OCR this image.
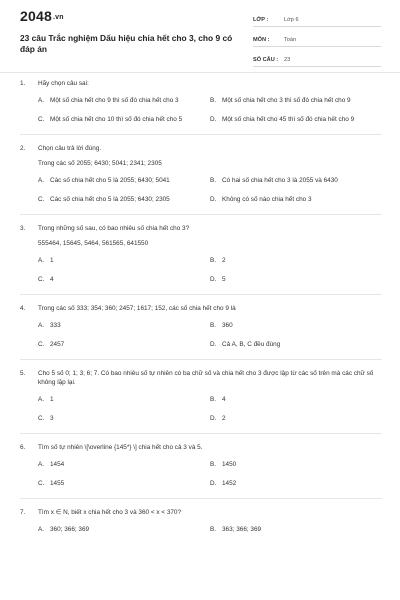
2048.vn
23 câu Trắc nghiệm Dấu hiệu chia hết cho 3, cho 9 có đáp án
LỚP :	Lớp 6
MÔN :	Toán
SỐ CÂU :	23
1.	Hãy chọn câu sai:
A. Một số chia hết cho 9 thì số đó chia hết cho 3	B. Một số chia hết cho 3 thì số đó chia hết cho 9
C. Một số chia hết cho 10 thì số đó chia hết cho 5	D. Một số chia hết cho 45 thì số đó chia hết cho 9
2.	Chọn câu trả lời đúng.
Trong các số 2055; 6430; 5041; 2341; 2305
A. Các số chia hết cho 5 là 2055; 6430; 5041	B. Có hai số chia hết cho 3 là 2055 và 6430
C. Các số chia hết cho 5 là 2055; 6430; 2305	D. Không có số nào chia hết cho 3
3.	Trong những số sau, có bao nhiêu số chia hết cho 3?
555464, 15645, 5464, 561565, 641550
A. 1	B. 2
C. 4	D. 5
4.	Trong các số 333; 354; 360; 2457; 1617; 152, các số chia hết cho 9 là
A. 333	B. 360
C. 2457	D. Cả A, B, C đều đúng
5.	Cho 5 số 0; 1; 3; 6; 7. Có bao nhiêu số tự nhiên có ba chữ số và chia hết cho 3 được lập từ các số trên mà các chữ số không lặp lại.
A. 1	B. 4
C. 3	D. 2
6.	Tìm số tự nhiên \[\overline {145*} \] chia hết cho cả 3 và 5.
A. 1454	B. 1450
C. 1455	D. 1452
7.	Tìm x ∈ N, biết x chia hết cho 3 và 360 < x < 370?
A. 360; 366; 369	B. 363; 366; 369
